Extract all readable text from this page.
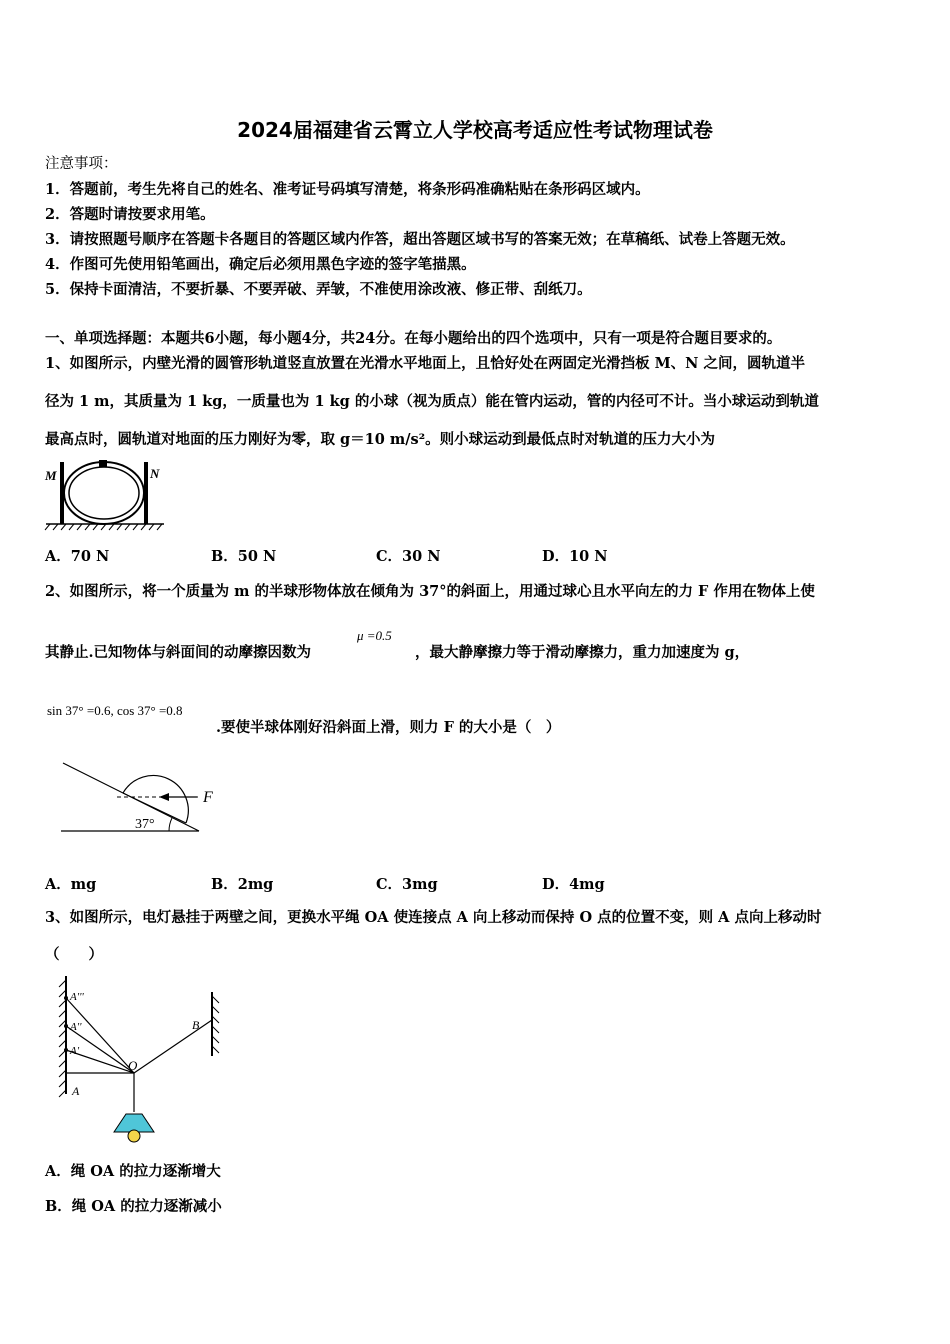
2024届福建省云霄立人学校高考适应性考试物理试卷
注意事项：
1．答题前，考生先将自己的姓名、准考证号码填写清楚，将条形码准确粘贴在条形码区域内。
2．答题时请按要求用笔。
3．请按照题号顺序在答题卡各题目的答题区域内作答，超出答题区域书写的答案无效；在草稿纸、试卷上答题无效。
4．作图可先使用铅笔画出，确定后必须用黑色字迹的签字笔描黑。
5．保持卡面清洁，不要折暴、不要弄破、弄皱，不准使用涂改液、修正带、刮纸刀。
一、单项选择题：本题共6小题，每小题4分，共24分。在每小题给出的四个选项中，只有一项是符合题目要求的。
1、如图所示，内壁光滑的圆管形轨道竖直放置在光滑水平地面上，且恰好处在两固定光滑挡板 M、N 之间，圆轨道半
径为 1 m，其质量为 1 kg，一质量也为 1 kg 的小球（视为质点）能在管内运动，管的内径可不计。当小球运动到轨道
最高点时，圆轨道对地面的压力刚好为零，取 g＝10 m/s²。则小球运动到最低点时对轨道的压力大小为
M	N
A．70 N	B．50 N	C．30 N	D．10 N
2、如图所示，将一个质量为 m 的半球形物体放在倾角为 37°的斜面上，用通过球心且水平向左的力 F 作用在物体上使
其静止.已知物体与斜面间的动摩擦因数为
μ =0.5
，最大静摩擦力等于滑动摩擦力，重力加速度为 g，
sin 37° =0.6, cos 37° =0.8
.要使半球体刚好沿斜面上滑，则力 F 的大小是（　）
F
37°
A．mg	B．2mg	C．3mg	D．4mg
3、如图所示，电灯悬挂于两壁之间，更换水平绳 OA 使连接点 A 向上移动而保持 O 点的位置不变，则 A 点向上移动时
（　　）
A'''
A''
A'
A
O
B
A．绳 OA 的拉力逐渐增大
B．绳 OA 的拉力逐渐减小
